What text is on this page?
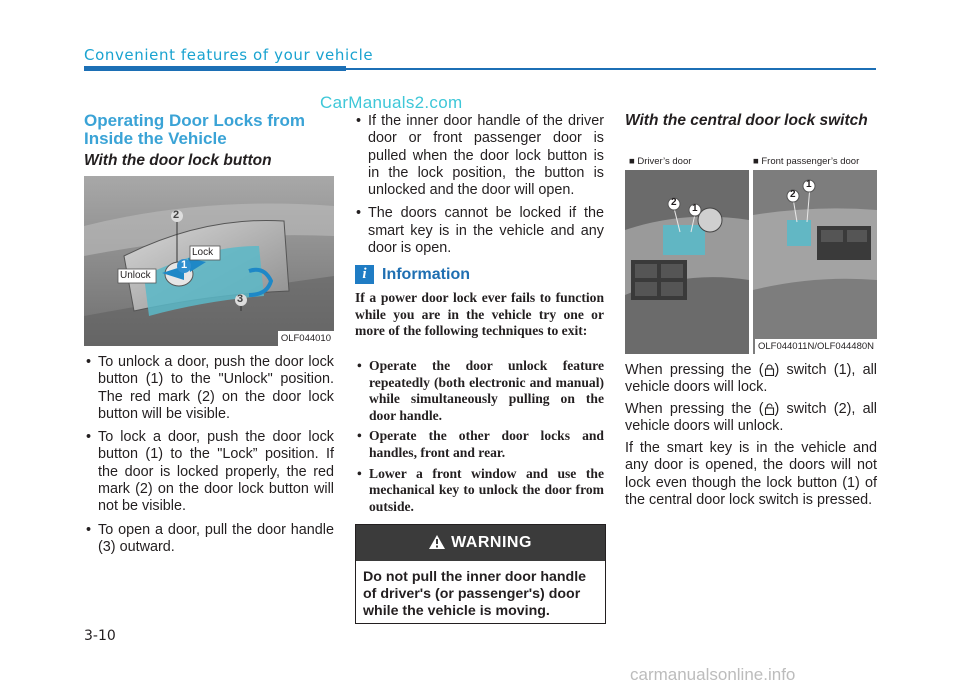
Convenient features of your vehicle
CarManuals2.com
Operating Door Locks from Inside the Vehicle
With the door lock button
Lock
Unlock
2
1
3
OLF044010
• To unlock a door, push the door lock button (1) to the "Unlock" position. The red mark (2) on the door lock button will be visible.
• To lock a door, push the door lock button (1) to the "Lock” position. If the door is locked properly, the red mark (2) on the door lock button will not be visible.
• To open a door, pull the door handle (3) outward.
• If the inner door handle of the driver door or front passenger door is pulled when the door lock button is in the lock position, the button is unlocked and the door will open.
• The doors cannot be locked if the smart key is in the vehicle and any door is open.
i Information
If a power door lock ever fails to function while you are in the vehicle try one or more of the following techniques to exit:
• Operate the door unlock feature repeatedly (both electronic and manual) while simultaneously pulling on the door handle.
• Operate the other door locks and handles, front and rear.
• Lower a front window and use the mechanical key to unlock the door from outside.
WARNING
Do not pull the inner door handle of driver's (or passenger's) door while the vehicle is moving.
With the central door lock switch
■ Driver’s door	■ Front passenger’s door
2
1
2
1
OLF044011N/OLF044480N
When pressing the ( ) switch (1), all vehicle doors will lock.
When pressing the ( ) switch (2), all vehicle doors will unlock.
If the smart key is in the vehicle and any door is opened, the doors will not lock even though the lock button (1) of the central door lock switch is pressed.
3-10
carmanualsonline.info
